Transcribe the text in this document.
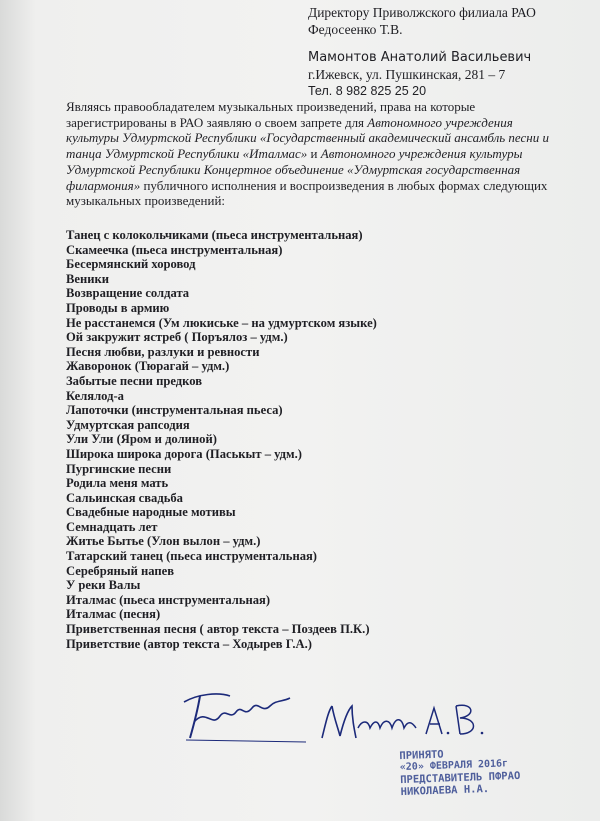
Директору Приволжского филиала РАО
Федосеенко Т.В.
Мамонтов Анатолий Васильевич
г.Ижевск, ул. Пушкинская, 281 – 7
Тел. 8 982 825 25 20
Являясь правообладателем музыкальных произведений, права на которые зарегистрированы в РАО заявляю о своем запрете для Автономного учреждения культуры Удмуртской Республики «Государственный академический ансамбль песни и танца Удмуртской Республики «Италмас» и Автономного учреждения культуры Удмуртской Республики Концертное объединение «Удмуртская государственная филармония» публичного исполнения и воспроизведения в любых формах следующих музыкальных произведений:
Танец с колокольчиками (пьеса инструментальная)
Скамеечка (пьеса инструментальная)
Бесермянский хоровод
Веники
Возвращение солдата
Проводы в армию
Не расстанемся (Ум люкиське – на удмуртском языке)
Ой закружит ястреб ( Поръялоз – удм.)
Песня любви, разлуки и ревности
Жаворонок (Тюрагай – удм.)
Забытые песни предков
Келялод-а
Лапоточки (инструментальная пьеса)
Удмуртская рапсодия
Ули Ули (Яром и долиной)
Широка широка дорога (Паськыт – удм.)
Пургинские песни
Родила меня мать
Сальинская свадьба
Свадебные народные мотивы
Семнадцать лет
Житье Бытье (Улон вылон – удм.)
Татарский танец (пьеса инструментальная)
Серебряный напев
У реки Валы
Италмас (пьеса инструментальная)
Италмас (песня)
Приветственная песня ( автор текста – Поздеев П.К.)
Приветствие (автор текста – Ходырев Г.А.)
ПРИНЯТО
«20» ФЕВРАЛЯ 2016г
ПРЕДСТАВИТЕЛЬ ПФРАО
НИКОЛАЕВА Н.А.
